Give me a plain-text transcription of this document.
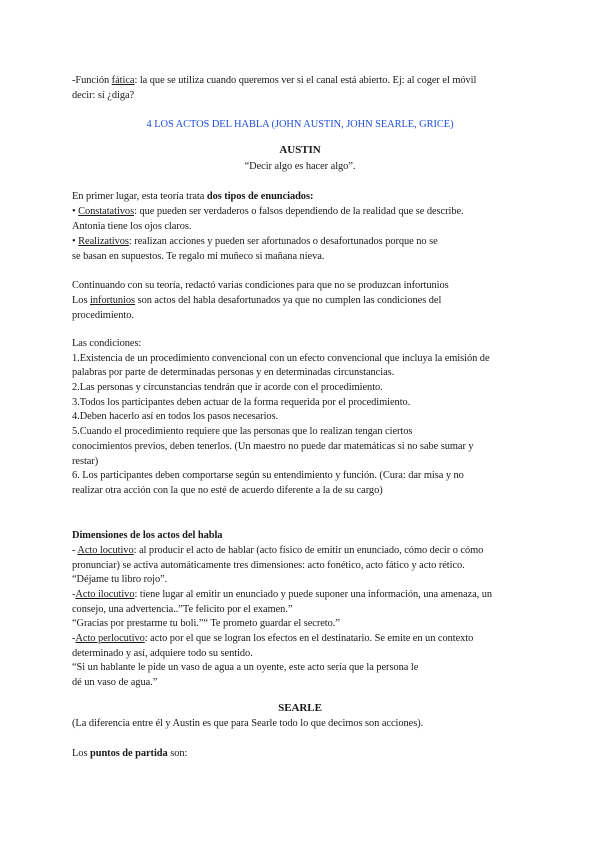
-Función fática: la que se utiliza cuando queremos ver si el canal está abierto. Ej: al coger el móvil
decir: sí ¿diga?
4 LOS ACTOS DEL HABLA (JOHN AUSTIN, JOHN SEARLE, GRICE)
AUSTIN
“Decir algo es hacer algo”.
En primer lugar, esta teoría trata dos tipos de enunciados:
• Constatativos: que pueden ser verdaderos o falsos dependiendo de la realidad que se describe.
Antonia tiene los ojos claros.
• Realizativos: realizan acciones y pueden ser afortunados o desafortunados porque no se
se basan en supuestos. Te regalo mi muñeco si mañana nieva.
Continuando con su teoría, redactó varias condiciones para que no se produzcan infortunios
Los infortunios son actos del habla desafortunados ya que no cumplen las condiciones del
procedimiento.
Las condiciones:
1.Existencia de un procedimiento convencional con un efecto convencional que incluya la emisión de
palabras por parte de determinadas personas y en determinadas circunstancias.
2.Las personas y circunstancias tendrán que ir acorde con el procedimiento.
3.Todos los participantes deben actuar de la forma requerida por el procedimiento.
4.Deben hacerlo así en todos los pasos necesarios.
5.Cuando el procedimiento requiere que las personas que lo realizan tengan ciertos
conocimientos previos, deben tenerlos. (Un maestro no puede dar matemáticas si no sabe sumar y
restar)
6. Los participantes deben comportarse según su entendimiento y función. (Cura: dar misa y no
realizar otra acción con la que no esté de acuerdo diferente a la de su cargo)
Dimensiones de los actos del habla
- Acto locutivo: al producir el acto de hablar (acto físico de emitir un enunciado, cómo decir o cómo
pronunciar) se activa automáticamente tres dimensiones: acto fonético, acto fático y acto rético.
“Déjame tu libro rojo”.
-Acto ilocutivo: tiene lugar al emitir un enunciado y puede suponer una información, una amenaza, un
consejo, una advertencia..”Te felicito por el examen.”
“Gracias por prestarme tu boli.”“ Te prometo guardar el secreto.”
-Acto perlocutivo: acto por el que se logran los efectos en el destinatario. Se emite en un contexto
determinado y así, adquiere todo su sentido.
“Si un hablante le pide un vaso de agua a un oyente, este acto sería que la persona le
dé un vaso de agua.”
SEARLE
(La diferencia entre él y Austin es que para Searle todo lo que decimos son acciones).
Los puntos de partida son:
